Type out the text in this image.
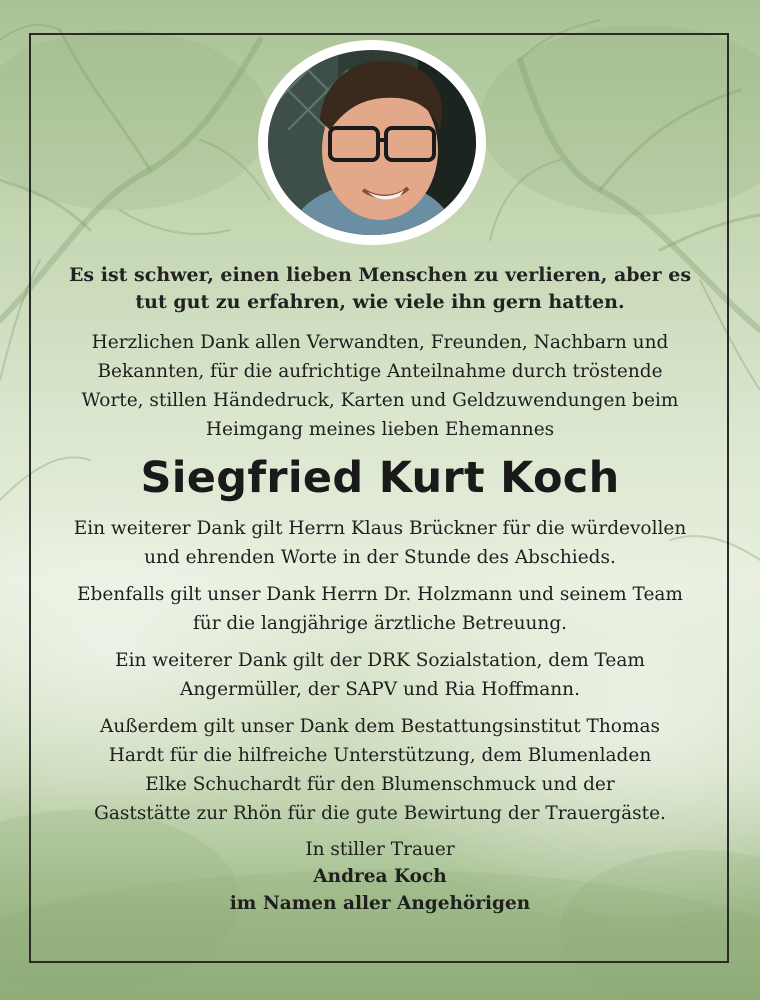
Es ist schwer, einen lieben Menschen zu verlieren, aber es

tut gut zu erfahren, wie viele ihn gern hatten.

Herzlichen Dank allen Verwandten, Freunden, Nachbarn und

Bekannten, für die aufrichtige Anteilnahme durch tröstende

Worte, stillen Händedruck, Karten und Geldzuwendungen beim

Heimgang meines lieben Ehemannes

Siegfried Kurt Koch

Ein weiterer Dank gilt Herrn Klaus Brückner für die würdevollen

und ehrenden Worte in der Stunde des Abschieds.

Ebenfalls gilt unser Dank Herrn Dr. Holzmann und seinem Team

für die langjährige ärztliche Betreuung.

Ein weiterer Dank gilt der DRK Sozialstation, dem Team

Angermüller, der SAPV und Ria Hoffmann.

Außerdem gilt unser Dank dem Bestattungsinstitut Thomas

Hardt für die hilfreiche Unterstützung, dem Blumenladen

Elke Schuchardt für den Blumenschmuck und der

Gaststätte zur Rhön für die gute Bewirtung der Trauergäste.

In stiller Trauer

Andrea Koch

im Namen aller Angehörigen
